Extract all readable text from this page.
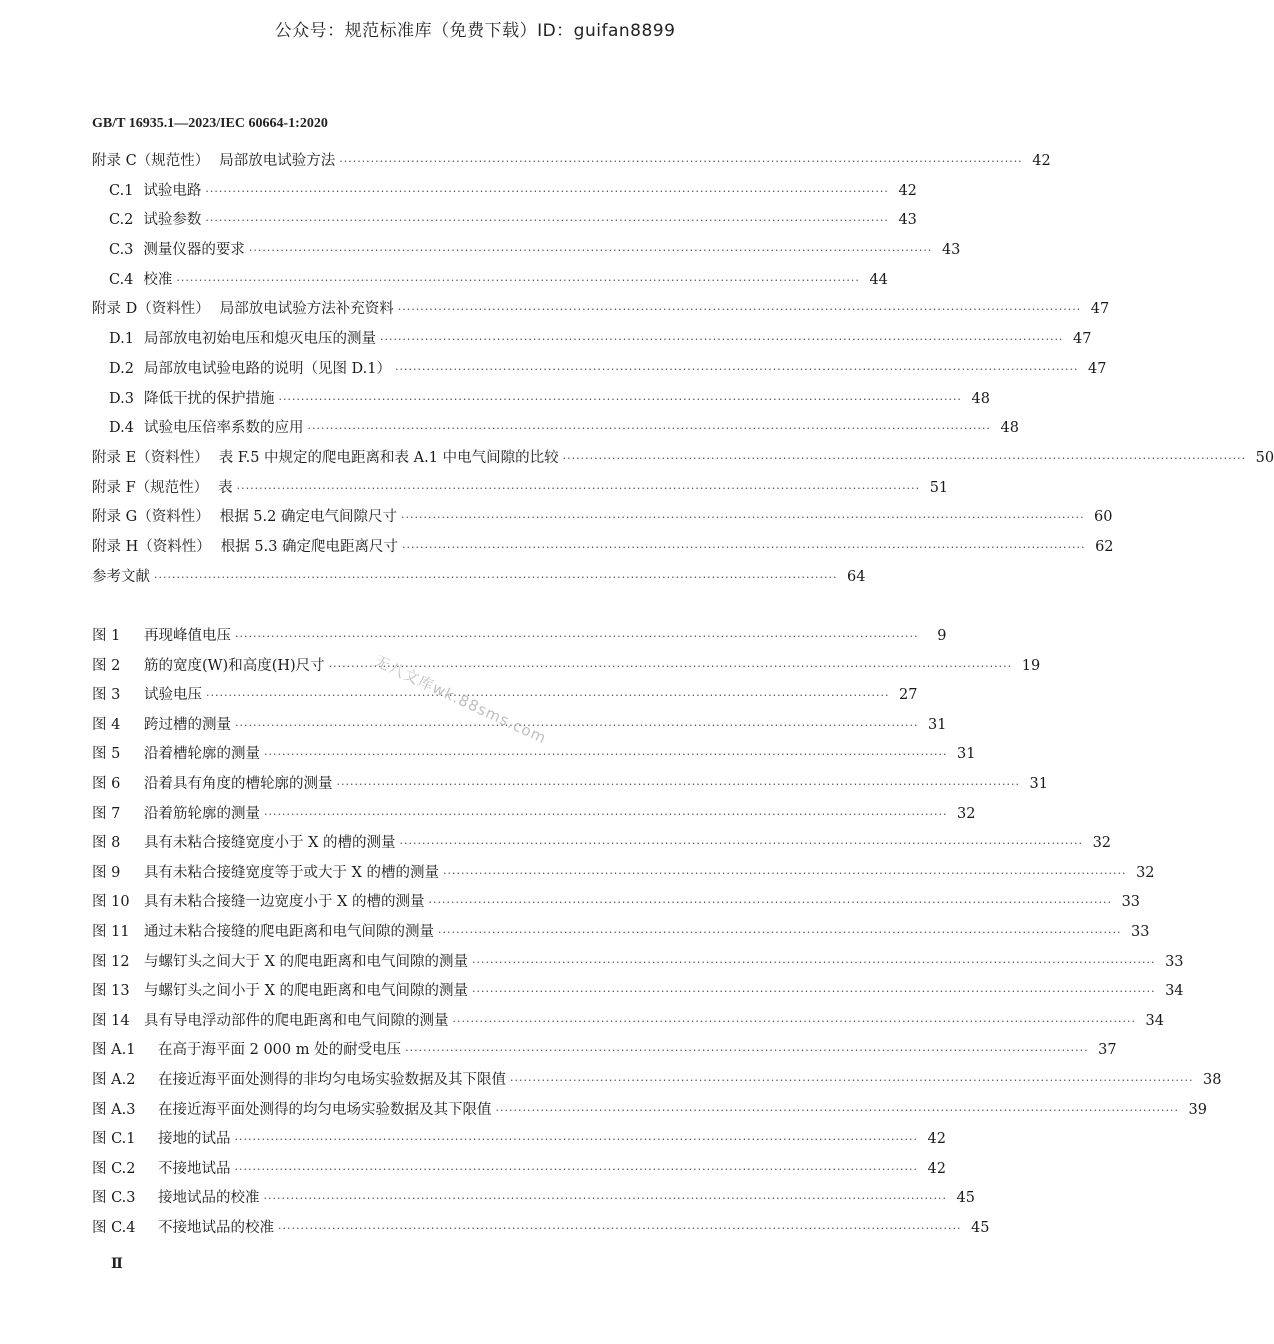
公众号：规范标准库（免费下载）ID：guifan8899
GB/T 16935.1—2023/IEC 60664-1:2020
附录 C（规范性） 局部放电试验方法 ·····	42
C.1 试验电路 ·····	42
C.2 试验参数 ·····	43
C.3 测量仪器的要求 ·····	43
C.4 校准 ·····	44
附录 D（资料性） 局部放电试验方法补充资料 ·····	47
D.1 局部放电初始电压和熄灭电压的测量 ·····	47
D.2 局部放电试验电路的说明（见图 D.1） ·····	47
D.3 降低干扰的保护措施 ·····	48
D.4 试验电压倍率系数的应用 ·····	48
附录 E（资料性） 表 F.5 中规定的爬电距离和表 A.1 中电气间隙的比较 ·····	50
附录 F（规范性） 表 ·····	51
附录 G（资料性） 根据 5.2 确定电气间隙尺寸 ·····	60
附录 H（资料性） 根据 5.3 确定爬电距离尺寸 ·····	62
参考文献 ·····	64
图 1	再现峰值电压 ·····	9
图 2	筋的宽度(W)和高度(H)尺寸 ·····	19
图 3	试验电压 ·····	27
图 4	跨过槽的测量 ·····	31
图 5	沿着槽轮廓的测量 ·····	31
图 6	沿着具有角度的槽轮廓的测量 ·····	31
图 7	沿着筋轮廓的测量 ·····	32
图 8	具有未粘合接缝宽度小于 X 的槽的测量 ·····	32
图 9	具有未粘合接缝宽度等于或大于 X 的槽的测量 ·····	32
图 10 具有未粘合接缝一边宽度小于 X 的槽的测量 ·····	33
图 11 通过未粘合接缝的爬电距离和电气间隙的测量 ·····	33
图 12 与螺钉头之间大于 X 的爬电距离和电气间隙的测量 ·····	33
图 13 与螺钉头之间小于 X 的爬电距离和电气间隙的测量 ·····	34
图 14 具有导电浮动部件的爬电距离和电气间隙的测量 ·····	34
图 A.1	在高于海平面 2 000 m 处的耐受电压 ·····	37
图 A.2	在接近海平面处测得的非均匀电场实验数据及其下限值 ·····	38
图 A.3	在接近海平面处测得的均匀电场实验数据及其下限值 ·····	39
图 C.1	接地的试品 ·····	42
图 C.2	不接地试品 ·····	42
图 C.3	接地试品的校准 ·····	45
图 C.4	不接地试品的校准 ·····	45
无八文库wk.88sms.com
Ⅱ
